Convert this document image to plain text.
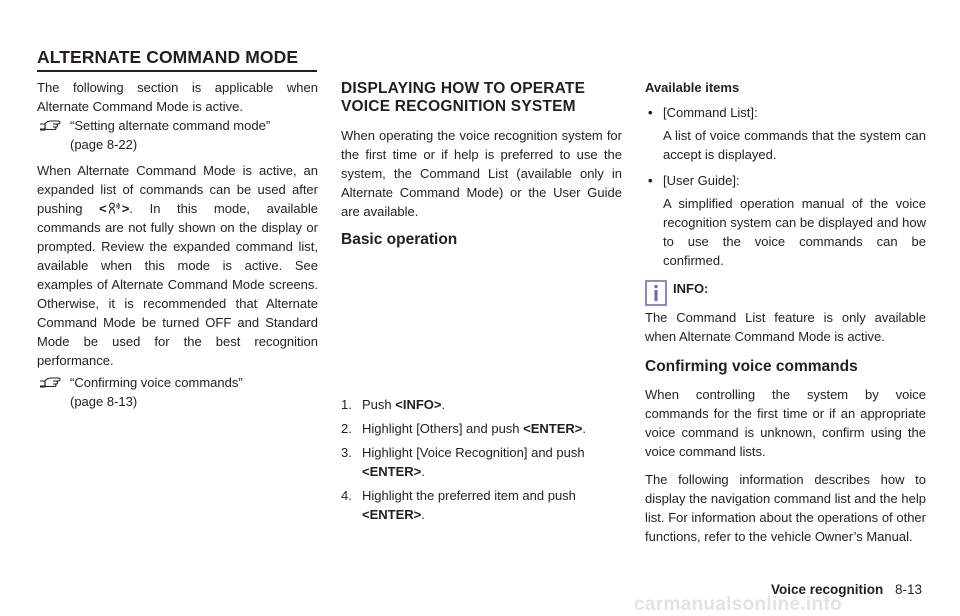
ALTERNATE COMMAND MODE

The following section is applicable when Alternate Command Mode is active.

“Setting alternate command mode”
(page 8-22)

When Alternate Command Mode is active, an expanded list of commands can be used after pushing < >. In this mode, available commands are not fully shown on the display or prompted. Review the expanded command list, available when this mode is active. See examples of Alternate Command Mode screens. Otherwise, it is recommended that Alternate Command Mode be turned OFF and Standard Mode be used for the best recognition performance.

“Confirming voice commands”
(page 8-13)
DISPLAYING HOW TO OPERATE VOICE RECOGNITION SYSTEM

When operating the voice recognition system for the first time or if help is preferred to use the system, the Command List (available only in Alternate Command Mode) or the User Guide are available.

Basic operation
1. Push <INFO>.
2. Highlight [Others] and push <ENTER>.
3. Highlight [Voice Recognition] and push <ENTER>.
4. Highlight the preferred item and push <ENTER>.
Available items
• [Command List]:
A list of voice commands that the system can accept is displayed.
• [User Guide]:
A simplified operation manual of the voice recognition system can be displayed and how to use the voice commands can be confirmed.
INFO:

The Command List feature is only available when Alternate Command Mode is active.

Confirming voice commands

When controlling the system by voice commands for the first time or if an appropriate voice command is unknown, confirm using the voice command lists.

The following information describes how to display the navigation command list and the help list. For information about the operations of other functions, refer to the vehicle Owner’s Manual.

carmanualsonline.info
Voice recognition 8-13
